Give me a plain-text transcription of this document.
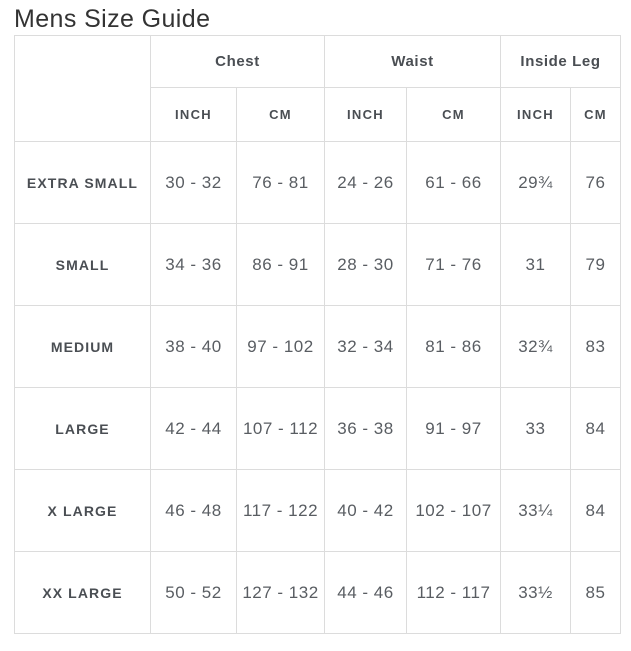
Mens Size Guide
	Chest		Waist		Inside Leg	
	INCH	CM	INCH	CM	INCH	CM
EXTRA SMALL	30 - 32	76 - 81	24 - 26	61 - 66	29¾	76
SMALL	34 - 36	86 - 91	28 - 30	71 - 76	31	79
MEDIUM	38 - 40	97 - 102	32 - 34	81 - 86	32¾	83
LARGE	42 - 44	107 - 112	36 - 38	91 - 97	33	84
X LARGE	46 - 48	117 - 122	40 - 42	102 - 107	33¼	84
XX LARGE	50 - 52	127 - 132	44 - 46	112 - 117	33½	85
